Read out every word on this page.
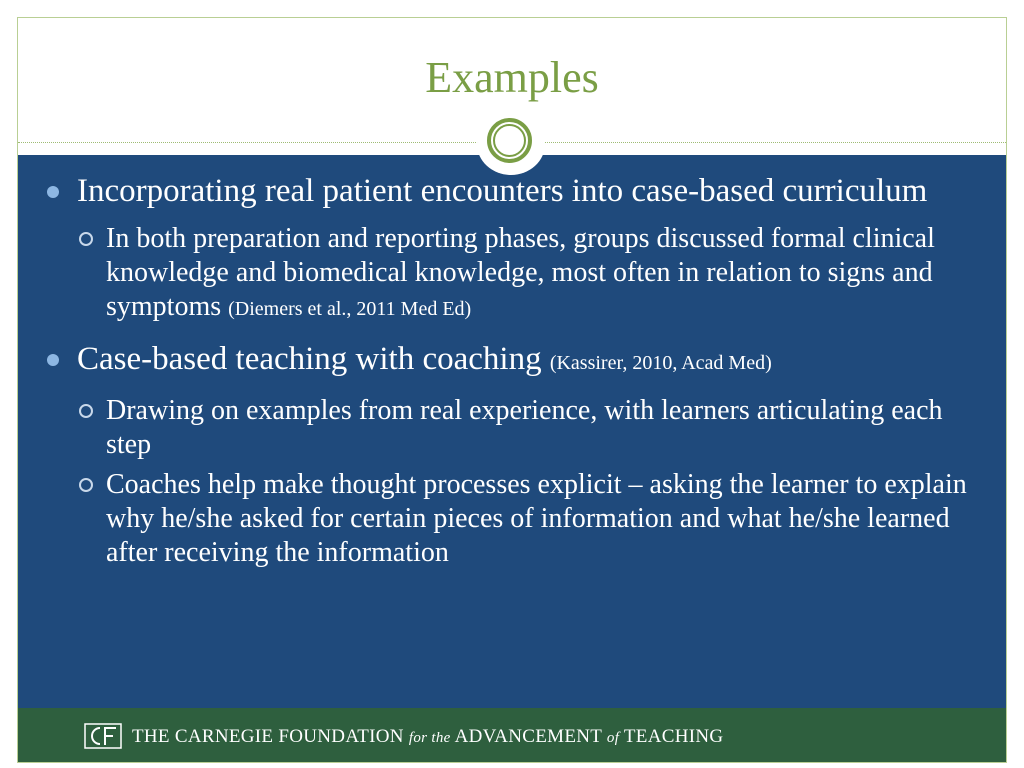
Examples
Incorporating real patient encounters into case-based curriculum
In both preparation and reporting phases, groups discussed formal clinical knowledge and biomedical knowledge, most often in relation to signs and symptoms (Diemers et al., 2011 Med Ed)
Case-based teaching with coaching (Kassirer, 2010, Acad Med)
Drawing on examples from real experience, with learners articulating each step
Coaches help make thought processes explicit – asking the learner to explain why he/she asked for certain pieces of information and what he/she learned after receiving the information
THE CARNEGIE FOUNDATION for the ADVANCEMENT of TEACHING
